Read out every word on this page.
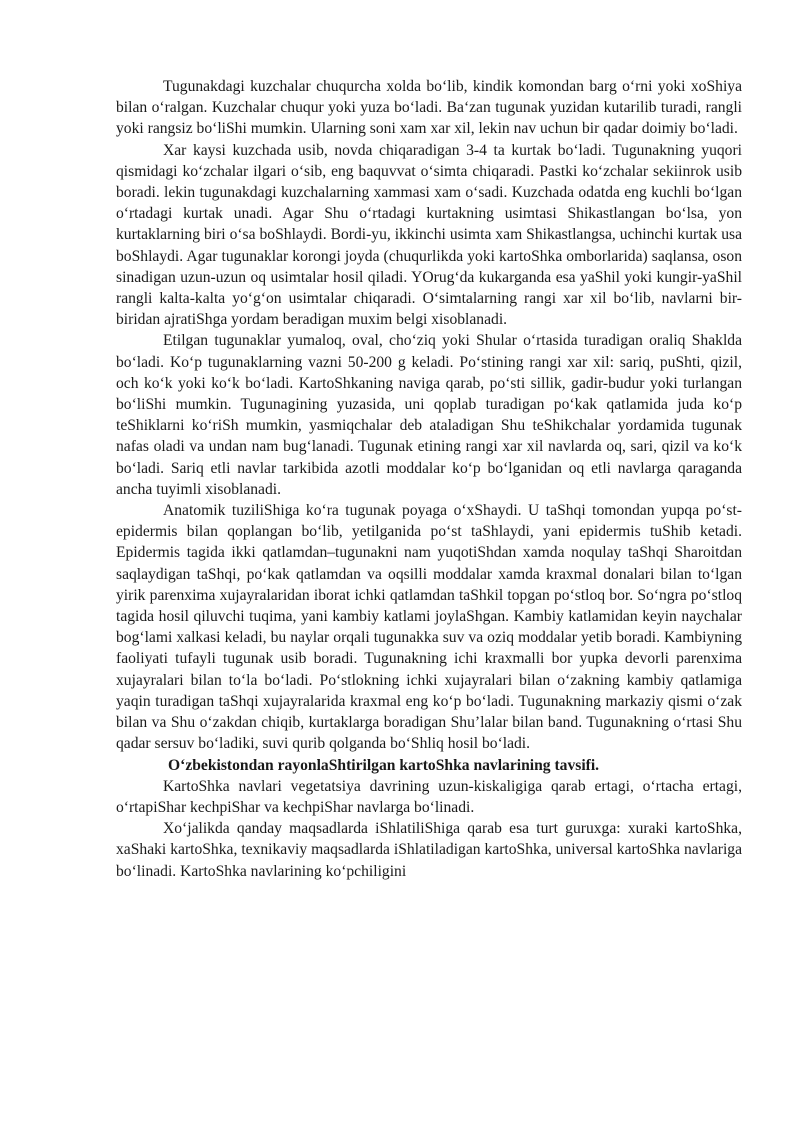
Tugunakdagi kuzchalar chuqurcha xolda bo‘lib, kindik komondan barg o‘rni yoki xoShiya bilan o‘ralgan. Kuzchalar chuqur yoki yuza bo‘ladi. Ba‘zan tugunak yuzidan kutarilib turadi, rangli yoki rangsiz bo‘liShi mumkin. Ularning soni xam xar xil, lekin nav uchun bir qadar doimiy bo‘ladi.

Xar kaysi kuzchada usib, novda chiqaradigan 3-4 ta kurtak bo‘ladi. Tugunakning yuqori qismidagi ko‘zchalar ilgari o‘sib, eng baquvvat o‘simta chiqaradi. Pastki ko‘zchalar sekiinrok usib boradi. lekin tugunakdagi kuzchalarning xammasi xam o‘sadi. Kuzchada odatda eng kuchli bo‘lgan o‘rtadagi kurtak unadi. Agar Shu o‘rtadagi kurtakning usimtasi Shikastlangan bo‘lsa, yon kurtaklarning biri o‘sa boShlaydi. Bordi-yu, ikkinchi usimta xam Shikastlangsa, uchinchi kurtak usa boShlaydi. Agar tugunaklar korongi joyda (chuqurlikda yoki kartoShka omborlarida) saqlansa, oson sinadigan uzun-uzun oq usimtalar hosil qiladi. YOrug‘da kukarganda esa yaShil yoki kungir-yaShil rangli kalta-kalta yo‘g‘on usimtalar chiqaradi. O‘simtalarning rangi xar xil bo‘lib, navlarni bir-biridan ajratiShga yordam beradigan muxim belgi xisoblanadi.

Etilgan tugunaklar yumaloq, oval, cho‘ziq yoki Shular o‘rtasida turadigan oraliq Shaklda bo‘ladi. Ko‘p tugunaklarning vazni 50-200 g keladi. Po‘stining rangi xar xil: sariq, puShti, qizil, och ko‘k yoki ko‘k bo‘ladi. KartoShkaning naviga qarab, po‘sti sillik, gadir-budur yoki turlangan bo‘liShi mumkin. Tugunagining yuzasida, uni qoplab turadigan po‘kak qatlamida juda ko‘p teShiklarni ko‘riSh mumkin, yasmiqchalar deb ataladigan Shu teShikchalar yordamida tugunak nafas oladi va undan nam bug‘lanadi. Tugunak etining rangi xar xil navlarda oq, sari, qizil va ko‘k bo‘ladi. Sariq etli navlar tarkibida azotli moddalar ko‘p bo‘lganidan oq etli navlarga qaraganda ancha tuyimli xisoblanadi.

Anatomik tuziliShiga ko‘ra tugunak poyaga o‘xShaydi. U taShqi tomondan yupqa po‘st-epidermis bilan qoplangan bo‘lib, yetilganida po‘st taShlaydi, yani epidermis tuShib ketadi. Epidermis tagida ikki qatlamdan–tugunakni nam yuqotiShdan xamda noqulay taShqi Sharoitdan saqlaydigan taShqi, po‘kak qatlamdan va oqsilli moddalar xamda kraxmal donalari bilan to‘lgan yirik parenxima xujayralaridan iborat ichki qatlamdan taShkil topgan po‘stloq bor. So‘ngra po‘stloq tagida hosil qiluvchi tuqima, yani kambiy katlami joylaShgan. Kambiy katlamidan keyin naychalar bog‘lami xalkasi keladi, bu naylar orqali tugunakka suv va oziq moddalar yetib boradi. Kambiyning faoliyati tufayli tugunak usib boradi. Tugunakning ichi kraxmalli bor yupka devorli parenxima xujayralari bilan to‘la bo‘ladi. Po‘stlokning ichki xujayralari bilan o‘zakning kambiy qatlamiga yaqin turadigan taShqi xujayralarida kraxmal eng ko‘p bo‘ladi. Tugunakning markaziy qismi o‘zak bilan va Shu o‘zakdan chiqib, kurtaklarga boradigan Shu’lalar bilan band. Tugunakning o‘rtasi Shu qadar sersuv bo‘ladiki, suvi qurib qolganda bo‘Shliq hosil bo‘ladi.

O‘zbekistondan rayonlaShtirilgan kartoShka navlarining tavsifi.

KartoShka navlari vegetatsiya davrining uzun-kiskaligiga qarab ertagi, o‘rtacha ertagi, o‘rtapiShar kechpiShar va kechpiShar navlarga bo‘linadi.

Xo‘jalikda qanday maqsadlarda iShlatiliShiga qarab esa turt guruxga: xuraki kartoShka, xaShaki kartoShka, texnikaviy maqsadlarda iShlatiladigan kartoShka, universal kartoShka navlariga bo‘linadi. KartoShka navlarining ko‘pchiligini
